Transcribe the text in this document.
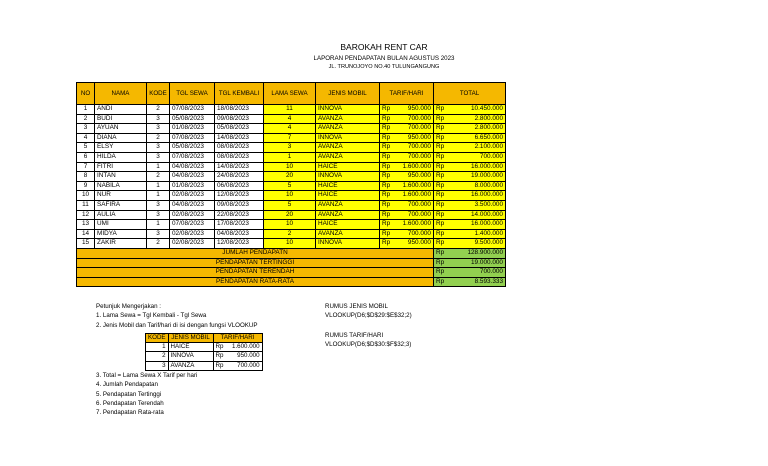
BAROKAH RENT CAR
LAPORAN PENDAPATAN BULAN AGUSTUS 2023
JL. TRUNOJOYO NO.40 TULUNGANGUNG
NO	NAMA	KODE	TGL SEWA	TGL KEMBALI	LAMA SEWA	JENIS MOBIL	TARIF/HARI		TOTAL	
1	ANDI	2	07/08/2023	18/08/2023	11	INNOVA	Rp	950.000	Rp	10.450.000
2	BUDI	3	05/08/2023	09/08/2023	4	AVANZA	Rp	700.000	Rp	2.800.000
3	AYUAN	3	01/08/2023	05/08/2023	4	AVANZA	Rp	700.000	Rp	2.800.000
4	DIANA	2	07/08/2023	14/08/2023	7	INNOVA	Rp	950.000	Rp	6.650.000
5	ELSY	3	05/08/2023	08/08/2023	3	AVANZA	Rp	700.000	Rp	2.100.000
6	HILDA	3	07/08/2023	08/08/2023	1	AVANZA	Rp	700.000	Rp	700.000
7	FITRI	1	04/08/2023	14/08/2023	10	HAICE	Rp	1.600.000	Rp	16.000.000
8	INTAN	2	04/08/2023	24/08/2023	20	INNOVA	Rp	950.000	Rp	19.000.000
9	NABILA	1	01/08/2023	06/08/2023	5	HAICE	Rp	1.600.000	Rp	8.000.000
10	NUR	1	02/08/2023	12/08/2023	10	HAICE	Rp	1.600.000	Rp	16.000.000
11	SAFIRA	3	04/08/2023	09/08/2023	5	AVANZA	Rp	700.000	Rp	3.500.000
12	AULIA	3	02/08/2023	22/08/2023	20	AVANZA	Rp	700.000	Rp	14.000.000
13	UMI	1	07/08/2023	17/08/2023	10	HAICE	Rp	1.600.000	Rp	16.000.000
14	MIDYA	3	02/08/2023	04/08/2023	2	AVANZA	Rp	700.000	Rp	1.400.000
15	ZAKIR	2	02/08/2023	12/08/2023	10	INNOVA	Rp	950.000	Rp	9.500.000
JUMLAH PENDAPATN									Rp	128.900.000
PENDAPATAN TERTINGGI									Rp	19.000.000
PENDAPATAN TERENDAH									Rp	700.000
PENDAPATAN RATA-RATA									Rp	8.593.333
Petunjuk Mengerjakan :
1. Lama Sewa = Tgl Kembali - Tgl Sewa
2. Jenis Mobil dan Tarif/hari di isi dengan fungsi VLOOKUP
KODE	JENIS MOBIL	TARIF/HARI	
1	HAICE	Rp	1.600.000
2	INNOVA	Rp	950.000
3	AVANZA	Rp	700.000
3. Total = Lama Sewa X Tarif per hari
4. Jumlah Pendapatan
5. Pendapatan Tertinggi
6. Pendapatan Terendah
7. Pendapatan Rata-rata
RUMUS JENIS MOBIL
VLOOKUP(D6;$D$29:$E$32;2)
RUMUS TARIF/HARI
VLOOKUP(D6;$D$30:$F$32;3)
